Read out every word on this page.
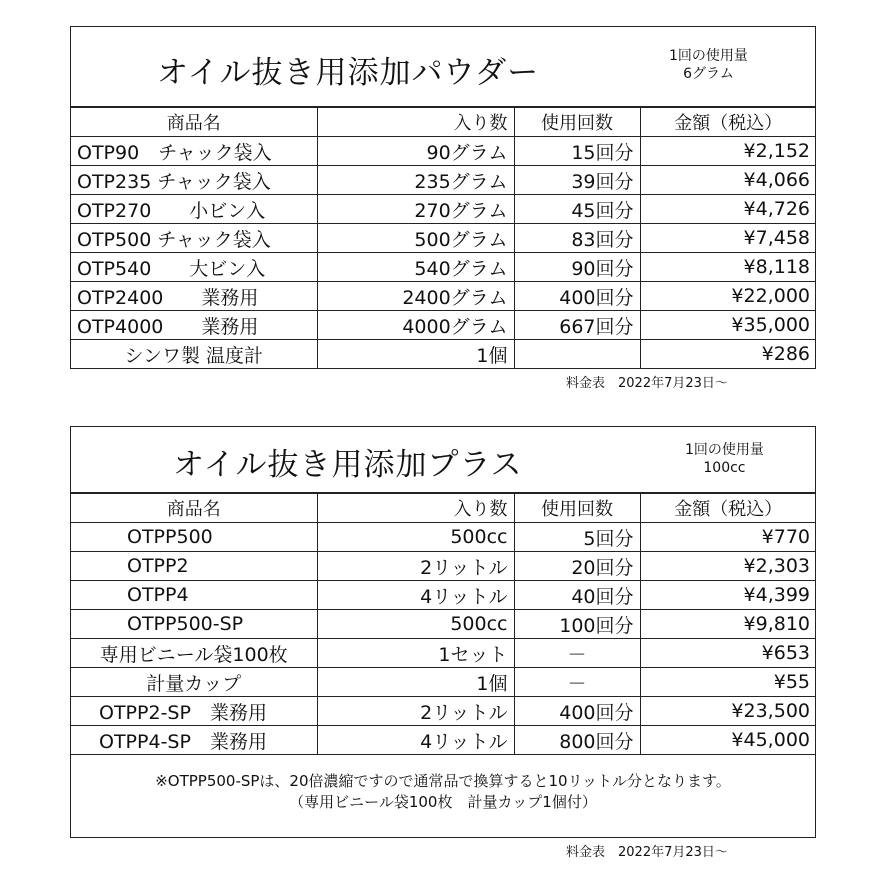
オイル抜き用添加パウダー	1回の使用量
6グラム
商品名	入り数	使用回数	金額（税込）
OTP90　チャック袋入	90グラム	15回分	¥2,152
OTP235 チャック袋入	235グラム	39回分	¥4,066
OTP270　　小ビン入	270グラム	45回分	¥4,726
OTP500 チャック袋入	500グラム	83回分	¥7,458
OTP540　　大ビン入	540グラム	90回分	¥8,118
OTP2400　　業務用	2400グラム	400回分	¥22,000
OTP4000　　業務用	4000グラム	667回分	¥35,000
シンワ製 温度計	1個		¥286
料金表　2022年7月23日～
オイル抜き用添加プラス	1回の使用量
100cc
商品名	入り数	使用回数	金額（税込）
OTPP500	500cc	5回分	¥770
OTPP2	2リットル	20回分	¥2,303
OTPP4	4リットル	40回分	¥4,399
OTPP500-SP	500cc	100回分	¥9,810
専用ビニール袋100枚	1セット	－	¥653
計量カップ	1個	－	¥55
OTPP2-SP　業務用	2リットル	400回分	¥23,500
OTPP4-SP　業務用	4リットル	800回分	¥45,000
※OTPP500-SPは、20倍濃縮ですので通常品で換算すると10リットル分となります。
（専用ビニール袋100枚　計量カップ1個付）
料金表　2022年7月23日～
